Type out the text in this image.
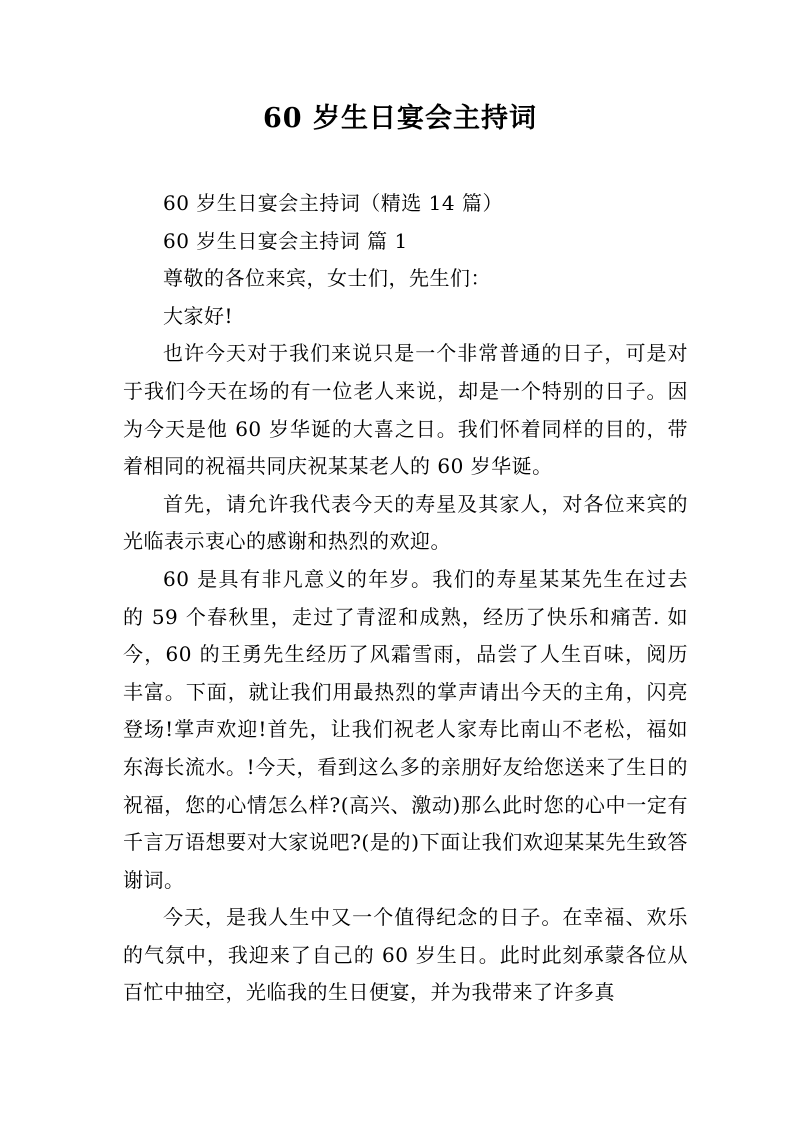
60 岁生日宴会主持词

60 岁生日宴会主持词（精选 14 篇）

60 岁生日宴会主持词 篇 1

尊敬的各位来宾，女士们，先生们：

大家好!

也许今天对于我们来说只是一个非常普通的日子，可是对于我们今天在场的有一位老人来说，却是一个特别的日子。因为今天是他 60 岁华诞的大喜之日。我们怀着同样的目的，带着相同的祝福共同庆祝某某老人的 60 岁华诞。

首先，请允许我代表今天的寿星及其家人，对各位来宾的光临表示衷心的感谢和热烈的欢迎。

60 是具有非凡意义的年岁。我们的寿星某某先生在过去的 59 个春秋里，走过了青涩和成熟，经历了快乐和痛苦. 如今，60 的王勇先生经历了风霜雪雨，品尝了人生百味，阅历丰富。下面，就让我们用最热烈的掌声请出今天的主角，闪亮登场!掌声欢迎!首先，让我们祝老人家寿比南山不老松，福如东海长流水。!今天，看到这么多的亲朋好友给您送来了生日的祝福，您的心情怎么样?(高兴、激动)那么此时您的心中一定有千言万语想要对大家说吧?(是的)下面让我们欢迎某某先生致答谢词。

今天，是我人生中又一个值得纪念的日子。在幸福、欢乐的气氛中，我迎来了自己的 60 岁生日。此时此刻承蒙各位从百忙中抽空，光临我的生日便宴，并为我带来了许多真
